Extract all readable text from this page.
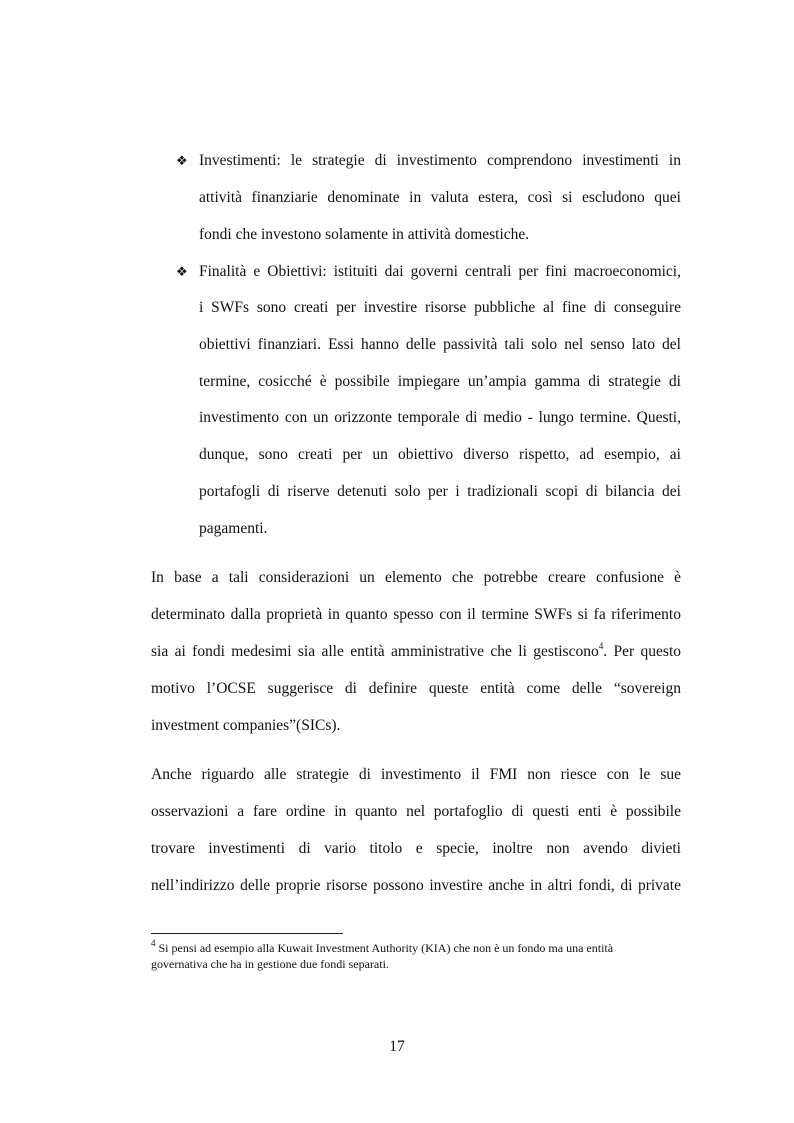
❖ Investimenti: le strategie di investimento comprendono investimenti in
attività finanziarie denominate in valuta estera, così si escludono quei
fondi che investono solamente in attività domestiche.
❖ Finalità e Obiettivi: istituiti dai governi centrali per fini macroeconomici,
i SWFs sono creati per investire risorse pubbliche al fine di conseguire
obiettivi finanziari. Essi hanno delle passività tali solo nel senso lato del
termine, cosicché è possibile impiegare un’ampia gamma di strategie di
investimento con un orizzonte temporale di medio - lungo termine. Questi,
dunque, sono creati per un obiettivo diverso rispetto, ad esempio, ai
portafogli di riserve detenuti solo per i tradizionali scopi di bilancia dei
pagamenti.
In base a tali considerazioni un elemento che potrebbe creare confusione è
determinato dalla proprietà in quanto spesso con il termine SWFs si fa riferimento
sia ai fondi medesimi sia alle entità amministrative che li gestiscono$^4$. Per questo
motivo l’OCSE suggerisce di definire queste entità come delle “sovereign
investment companies”(SICs).
Anche riguardo alle strategie di investimento il FMI non riesce con le sue
osservazioni a fare ordine in quanto nel portafoglio di questi enti è possibile
trovare investimenti di vario titolo e specie, inoltre non avendo divieti
nell’indirizzo delle proprie risorse possono investire anche in altri fondi, di private
$^4$ Si pensi ad esempio alla Kuwait Investment Authority (KIA) che non è un fondo ma una entità
governativa che ha in gestione due fondi separati.
17
